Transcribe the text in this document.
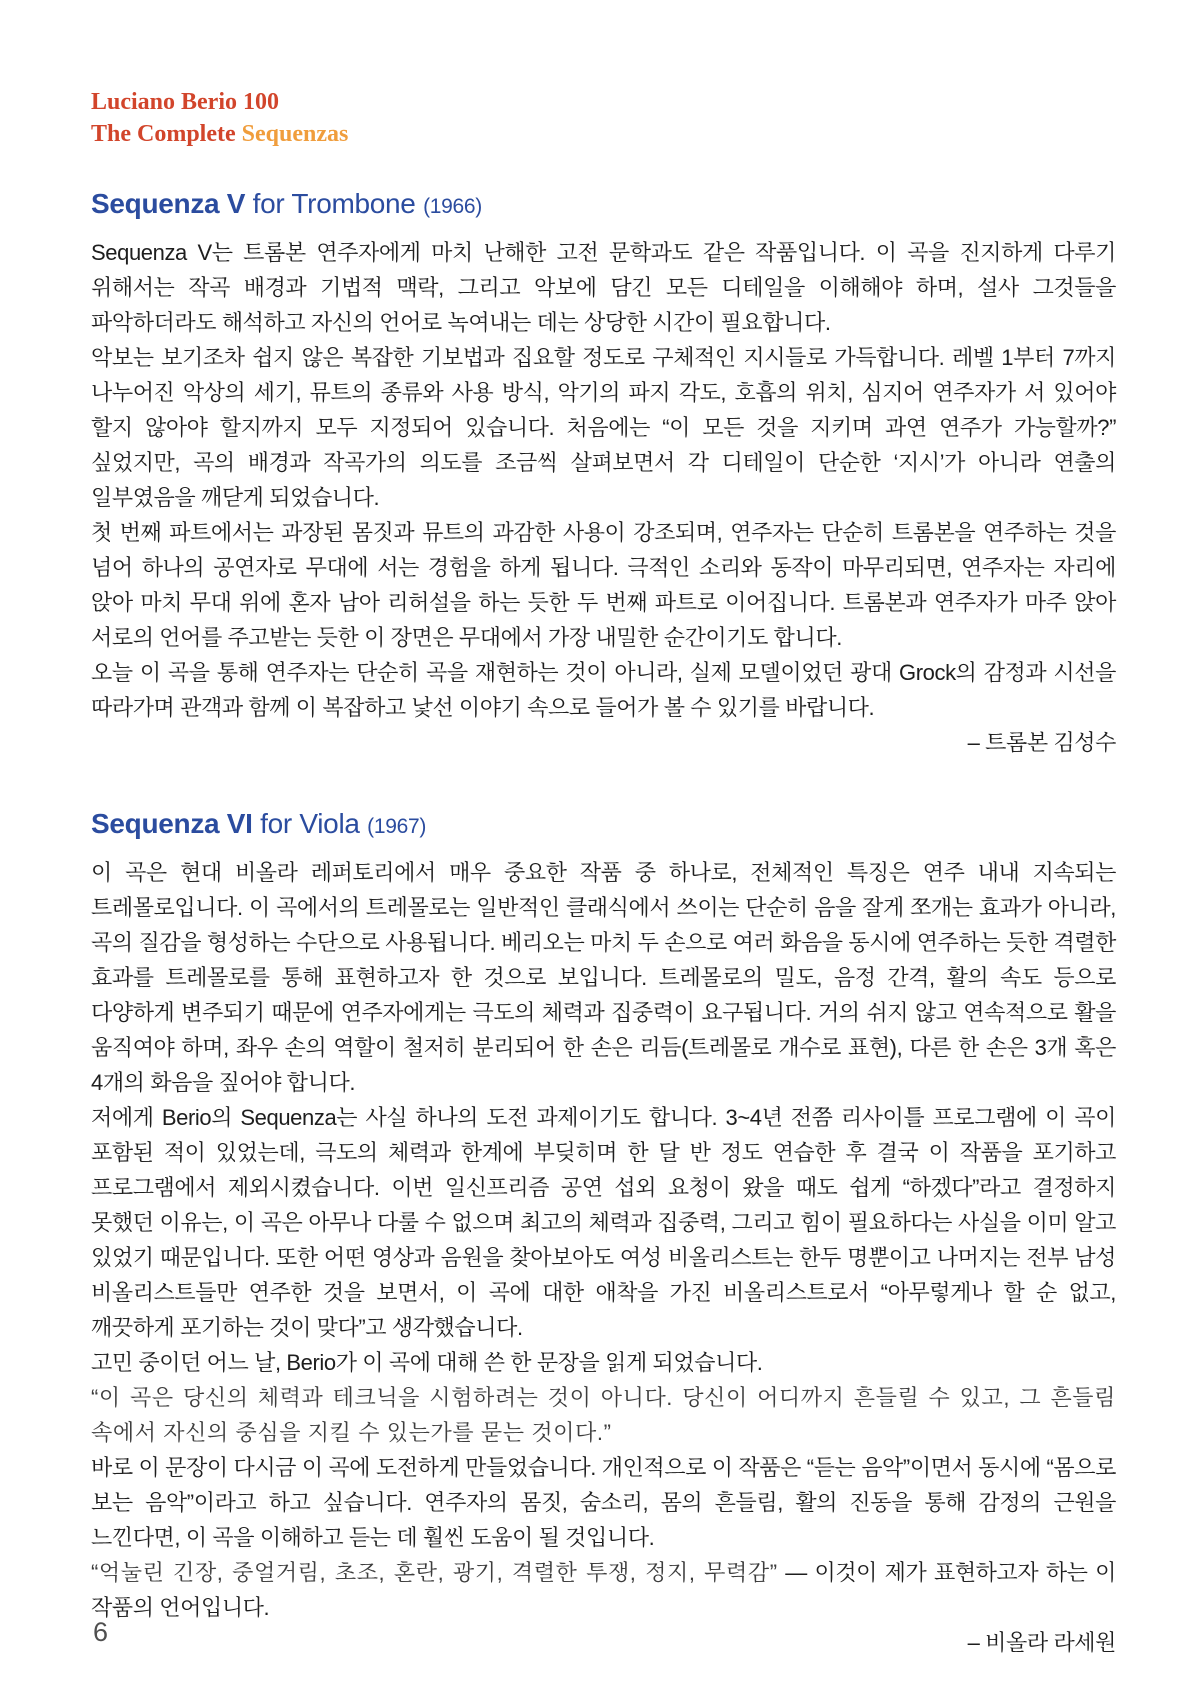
Luciano Berio 100
The Complete Sequenzas
Sequenza V for Trombone (1966)

Sequenza V는 트롬본 연주자에게 마치 난해한 고전 문학과도 같은 작품입니다. 이 곡을 진지하게 다루기 위해서는 작곡 배경과 기법적 맥락, 그리고 악보에 담긴 모든 디테일을 이해해야 하며, 설사 그것들을 파악하더라도 해석하고 자신의 언어로 녹여내는 데는 상당한 시간이 필요합니다.

악보는 보기조차 쉽지 않은 복잡한 기보법과 집요할 정도로 구체적인 지시들로 가득합니다. 레벨 1부터 7까지 나누어진 악상의 세기, 뮤트의 종류와 사용 방식, 악기의 파지 각도, 호흡의 위치, 심지어 연주자가 서 있어야 할지 않아야 할지까지 모두 지정되어 있습니다. 처음에는 “이 모든 것을 지키며 과연 연주가 가능할까?” 싶었지만, 곡의 배경과 작곡가의 의도를 조금씩 살펴보면서 각 디테일이 단순한 ‘지시’가 아니라 연출의 일부였음을 깨닫게 되었습니다.

첫 번째 파트에서는 과장된 몸짓과 뮤트의 과감한 사용이 강조되며, 연주자는 단순히 트롬본을 연주하는 것을 넘어 하나의 공연자로 무대에 서는 경험을 하게 됩니다. 극적인 소리와 동작이 마무리되면, 연주자는 자리에 앉아 마치 무대 위에 혼자 남아 리허설을 하는 듯한 두 번째 파트로 이어집니다. 트롬본과 연주자가 마주 앉아 서로의 언어를 주고받는 듯한 이 장면은 무대에서 가장 내밀한 순간이기도 합니다.

오늘 이 곡을 통해 연주자는 단순히 곡을 재현하는 것이 아니라, 실제 모델이었던 광대 Grock의 감정과 시선을 따라가며 관객과 함께 이 복잡하고 낯선 이야기 속으로 들어가 볼 수 있기를 바랍니다.

– 트롬본 김성수

Sequenza VI for Viola (1967)

이 곡은 현대 비올라 레퍼토리에서 매우 중요한 작품 중 하나로, 전체적인 특징은 연주 내내 지속되는 트레몰로입니다. 이 곡에서의 트레몰로는 일반적인 클래식에서 쓰이는 단순히 음을 잘게 쪼개는 효과가 아니라, 곡의 질감을 형성하는 수단으로 사용됩니다. 베리오는 마치 두 손으로 여러 화음을 동시에 연주하는 듯한 격렬한 효과를 트레몰로를 통해 표현하고자 한 것으로 보입니다. 트레몰로의 밀도, 음정 간격, 활의 속도 등으로 다양하게 변주되기 때문에 연주자에게는 극도의 체력과 집중력이 요구됩니다. 거의 쉬지 않고 연속적으로 활을 움직여야 하며, 좌우 손의 역할이 철저히 분리되어 한 손은 리듬(트레몰로 개수로 표현), 다른 한 손은 3개 혹은 4개의 화음을 짚어야 합니다.

저에게 Berio의 Sequenza는 사실 하나의 도전 과제이기도 합니다. 3~4년 전쯤 리사이틀 프로그램에 이 곡이 포함된 적이 있었는데, 극도의 체력과 한계에 부딪히며 한 달 반 정도 연습한 후 결국 이 작품을 포기하고 프로그램에서 제외시켰습니다. 이번 일신프리즘 공연 섭외 요청이 왔을 때도 쉽게 “하겠다”라고 결정하지 못했던 이유는, 이 곡은 아무나 다룰 수 없으며 최고의 체력과 집중력, 그리고 힘이 필요하다는 사실을 이미 알고 있었기 때문입니다. 또한 어떤 영상과 음원을 찾아보아도 여성 비올리스트는 한두 명뿐이고 나머지는 전부 남성 비올리스트들만 연주한 것을 보면서, 이 곡에 대한 애착을 가진 비올리스트로서 “아무렇게나 할 순 없고, 깨끗하게 포기하는 것이 맞다”고 생각했습니다.

고민 중이던 어느 날, Berio가 이 곡에 대해 쓴 한 문장을 읽게 되었습니다.

“이 곡은 당신의 체력과 테크닉을 시험하려는 것이 아니다. 당신이 어디까지 흔들릴 수 있고, 그 흔들림 속에서 자신의 중심을 지킬 수 있는가를 묻는 것이다.”

바로 이 문장이 다시금 이 곡에 도전하게 만들었습니다. 개인적으로 이 작품은 “듣는 음악”이면서 동시에 “몸으로 보는 음악”이라고 하고 싶습니다. 연주자의 몸짓, 숨소리, 몸의 흔들림, 활의 진동을 통해 감정의 근원을 느낀다면, 이 곡을 이해하고 듣는 데 훨씬 도움이 될 것입니다.

“억눌린 긴장, 중얼거림, 초조, 혼란, 광기, 격렬한 투쟁, 정지, 무력감” — 이것이 제가 표현하고자 하는 이 작품의 언어입니다.

– 비올라 라세원

6
